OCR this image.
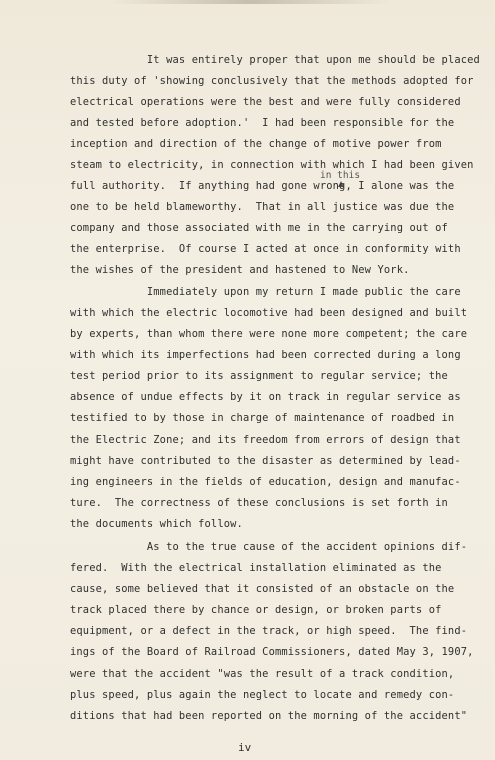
It was entirely proper that upon me should be placed
this duty of 'showing conclusively that the methods adopted for
electrical operations were the best and were fully considered
and tested before adoption.'  I had been responsible for the
inception and direction of the change of motive power from
steam to electricity, in connection with which I had been given
in this
full authority.  If anything had gone wrong, I alone was the
one to be held blameworthy.  That in all justice was due the
company and those associated with me in the carrying out of
the enterprise.  Of course I acted at once in conformity with
the wishes of the president and hastened to New York.
Immediately upon my return I made public the care
with which the electric locomotive had been designed and built
by experts, than whom there were none more competent; the care
with which its imperfections had been corrected during a long
test period prior to its assignment to regular service; the
absence of undue effects by it on track in regular service as
testified to by those in charge of maintenance of roadbed in
the Electric Zone; and its freedom from errors of design that
might have contributed to the disaster as determined by lead-
ing engineers in the fields of education, design and manufac-
ture.  The correctness of these conclusions is set forth in
the documents which follow.
As to the true cause of the accident opinions dif-
fered.  With the electrical installation eliminated as the
cause, some believed that it consisted of an obstacle on the
track placed there by chance or design, or broken parts of
equipment, or a defect in the track, or high speed.  The find-
ings of the Board of Railroad Commissioners, dated May 3, 1907,
were that the accident "was the result of a track condition,
plus speed, plus again the neglect to locate and remedy con-
ditions that had been reported on the morning of the accident"
iv
